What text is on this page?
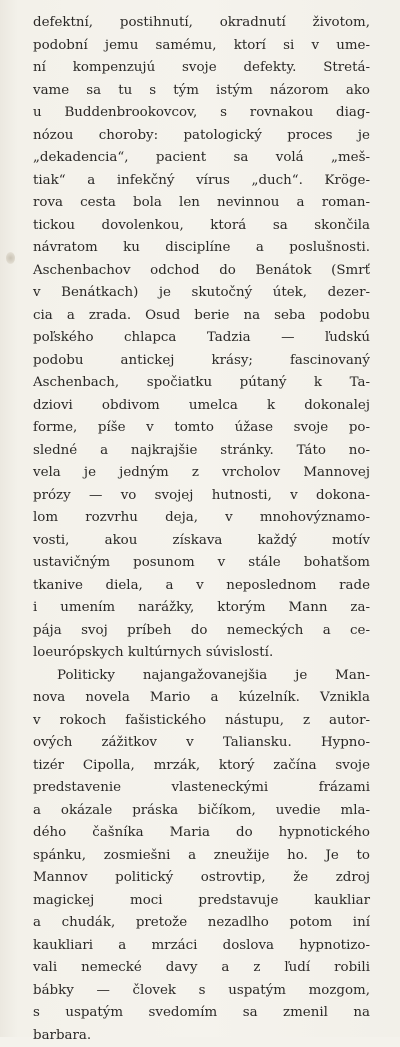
defektní, postihnutí, okradnutí životom,
podobní jemu samému, ktorí si v ume-
ní kompenzujú svoje defekty. Stretá-
vame sa tu s tým istým názorom ako
u Buddenbrookovcov, s rovnakou diag-
nózou choroby: patologický proces je
„dekadencia“, pacient sa volá „meš-
tiak“ a infekčný vírus „duch“. Kröge-
rova cesta bola len nevinnou a roman-
tickou dovolenkou, ktorá sa skončila
návratom ku disciplíne a poslušnosti.
Aschenbachov odchod do Benátok (Smrť
v Benátkach) je skutočný útek, dezer-
cia a zrada. Osud berie na seba podobu
poľského chlapca Tadzia — ľudskú
podobu antickej krásy; fascinovaný
Aschenbach, spočiatku pútaný k Ta-
dziovi obdivom umelca k dokonalej
forme, píše v tomto úžase svoje po-
sledné a najkrajšie stránky. Táto no-
vela je jedným z vrcholov Mannovej
prózy — vo svojej hutnosti, v dokona-
lom rozvrhu deja, v mnohovýznamo-
vosti, akou získava každý motív
ustavičným posunom v stále bohatšom
tkanive diela, a v neposlednom rade
i umením narážky, ktorým Mann za-
pája svoj príbeh do nemeckých a ce-
loeurópskych kultúrnych súvislostí.
Politicky najangažovanejšia je Man-
nova novela Mario a kúzelník. Vznikla
v rokoch fašistického nástupu, z autor-
ových zážitkov v Taliansku. Hypno-
tizér Cipolla, mrzák, ktorý začína svoje
predstavenie vlasteneckými frázami
a okázale práska bičíkom, uvedie mla-
dého čašníka Maria do hypnotického
spánku, zosmiešni a zneužije ho. Je to
Mannov politický ostrovtip, že zdroj
magickej moci predstavuje kaukliar
a chudák, pretože nezadlho potom iní
kaukliari a mrzáci doslova hypnotizo-
vali nemecké davy a z ľudí robili
bábky — človek s uspatým mozgom,
s uspatým svedomím sa zmenil na
barbara.
